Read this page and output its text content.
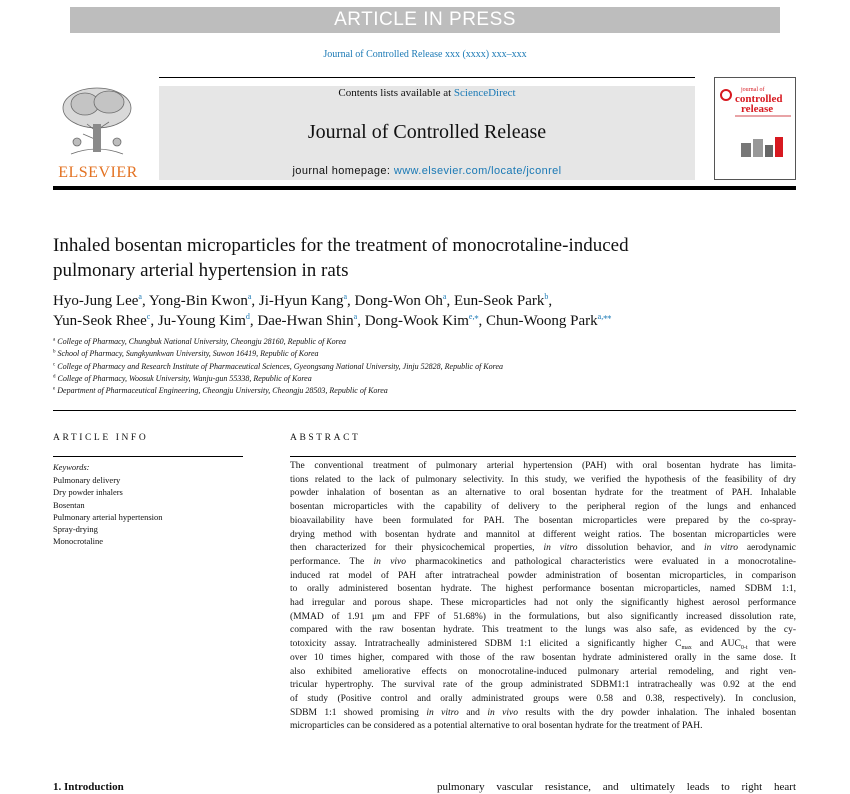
ARTICLE IN PRESS
Journal of Controlled Release xxx (xxxx) xxx–xxx
ELSEVIER
Contents lists available at ScienceDirect
Journal of Controlled Release
journal homepage: www.elsevier.com/locate/jconrel
journal of
controlled
release
Inhaled bosentan microparticles for the treatment of monocrotaline-induced
pulmonary arterial hypertension in rats
Hyo-Jung Lee$^a$, Yong-Bin Kwon$^a$, Ji-Hyun Kang$^a$, Dong-Won Oh$^a$, Eun-Seok Park$^b$,
Yun-Seok Rhee$^c$, Ju-Young Kim$^d$, Dae-Hwan Shin$^a$, Dong-Wook Kim$^{e,⁎}$, Chun-Woong Park$^{a,⁎⁎}$
$^a$ College of Pharmacy, Chungbuk National University, Cheongju 28160, Republic of Korea
$^b$ School of Pharmacy, Sungkyunkwan University, Suwon 16419, Republic of Korea
$^c$ College of Pharmacy and Research Institute of Pharmaceutical Sciences, Gyeongsang National University, Jinju 52828, Republic of Korea
$^d$ College of Pharmacy, Woosuk University, Wanju-gun 55338, Republic of Korea
$^e$ Department of Pharmaceutical Engineering, Cheongju University, Cheongju 28503, Republic of Korea
ARTICLE INFO
Keywords:
Pulmonary delivery
Dry powder inhalers
Bosentan
Pulmonary arterial hypertension
Spray-drying
Monocrotaline
ABSTRACT
The conventional treatment of pulmonary arterial hypertension (PAH) with oral bosentan hydrate has limita-
tions related to the lack of pulmonary selectivity. In this study, we verified the hypothesis of the feasibility of dry
powder inhalation of bosentan as an alternative to oral bosentan hydrate for the treatment of PAH. Inhalable
bosentan microparticles with the capability of delivery to the peripheral region of the lungs and enhanced
bioavailability have been formulated for PAH. The bosentan microparticles were prepared by the co-spray-
drying method with bosentan hydrate and mannitol at different weight ratios. The bosentan microparticles were
then characterized for their physicochemical properties, in vitro dissolution behavior, and in vitro aerodynamic
performance. The in vivo pharmacokinetics and pathological characteristics were evaluated in a monocrotaline-
induced rat model of PAH after intratracheal powder administration of bosentan microparticles, in comparison
to orally administered bosentan hydrate. The highest performance bosentan microparticles, named SDBM 1:1,
had irregular and porous shape. These microparticles had not only the significantly highest aerosol performance
(MMAD of 1.91 μm and FPF of 51.68%) in the formulations, but also significantly increased dissolution rate,
compared with the raw bosentan hydrate. This treatment to the lungs was also safe, as evidenced by the cy-
totoxicity assay. Intratracheally administered SDBM 1:1 elicited a significantly higher $C_{max}$ and $AUC_{0-t}$ that were
over 10 times higher, compared with those of the raw bosentan hydrate administered orally in the same dose. It
also exhibited ameliorative effects on monocrotaline-induced pulmonary arterial remodeling, and right ven-
tricular hypertrophy. The survival rate of the group administrated SDBM1:1 intratracheally was 0.92 at the end
of study (Positive control and orally administrated groups were 0.58 and 0.38, respectively). In conclusion,
SDBM 1:1 showed promising in vitro and in vivo results with the dry powder inhalation. The inhaled bosentan
microparticles can be considered as a potential alternative to oral bosentan hydrate for the treatment of PAH.
1. Introduction	pulmonary vascular resistance, and ultimately leads to right heart
